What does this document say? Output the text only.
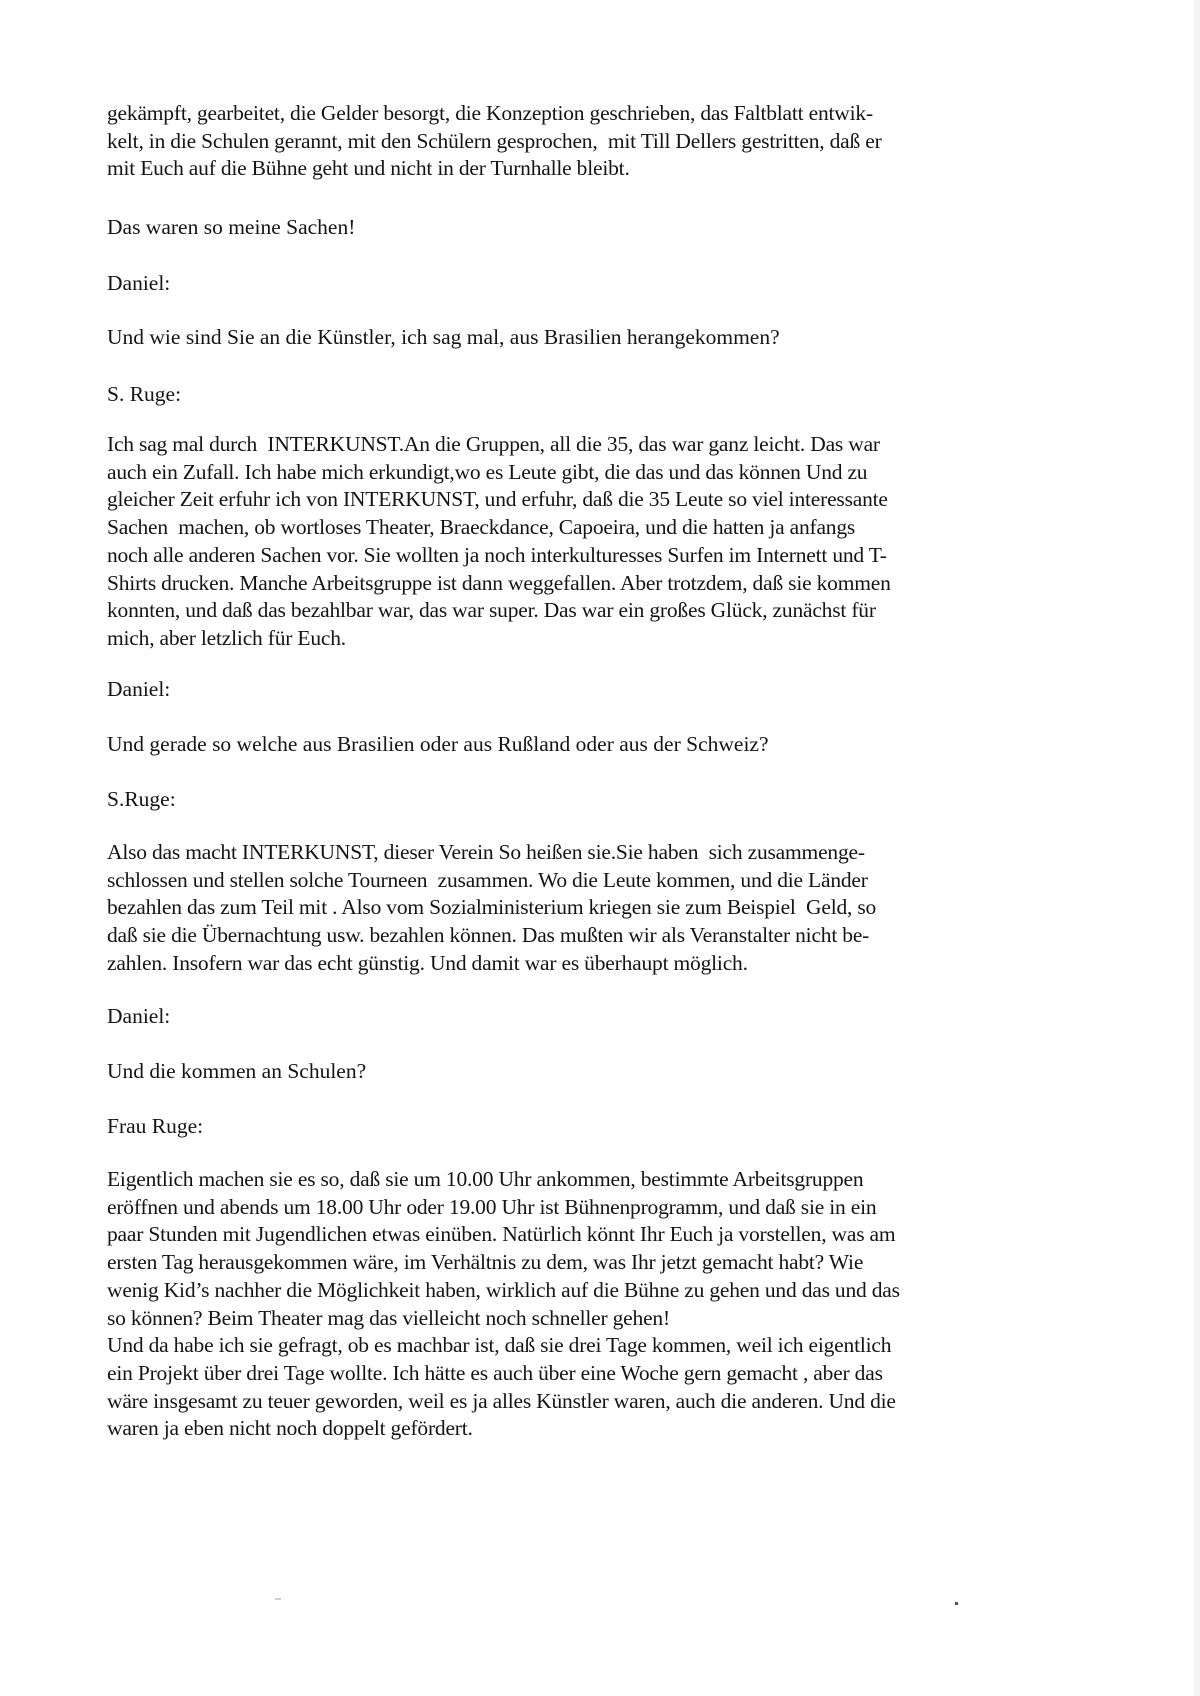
gekämpft, gearbeitet, die Gelder besorgt, die Konzeption geschrieben, das Faltblatt entwik-
kelt, in die Schulen gerannt, mit den Schülern gesprochen,  mit Till Dellers gestritten, daß er
mit Euch auf die Bühne geht und nicht in der Turnhalle bleibt.
Das waren so meine Sachen!
Daniel:
Und wie sind Sie an die Künstler, ich sag mal, aus Brasilien herangekommen?
S. Ruge:
Ich sag mal durch  INTERKUNST.An die Gruppen, all die 35, das war ganz leicht. Das war
auch ein Zufall. Ich habe mich erkundigt,wo es Leute gibt, die das und das können Und zu
gleicher Zeit erfuhr ich von INTERKUNST, und erfuhr, daß die 35 Leute so viel interessante
Sachen  machen, ob wortloses Theater, Braeckdance, Capoeira, und die hatten ja anfangs
noch alle anderen Sachen vor. Sie wollten ja noch interkulturesses Surfen im Internett und T-
Shirts drucken. Manche Arbeitsgruppe ist dann weggefallen. Aber trotzdem, daß sie kommen
konnten, und daß das bezahlbar war, das war super. Das war ein großes Glück, zunächst für
mich, aber letzlich für Euch.
Daniel:
Und gerade so welche aus Brasilien oder aus Rußland oder aus der Schweiz?
S.Ruge:
Also das macht INTERKUNST, dieser Verein So heißen sie.Sie haben  sich zusammenge-
schlossen und stellen solche Tourneen  zusammen. Wo die Leute kommen, und die Länder
bezahlen das zum Teil mit . Also vom Sozialministerium kriegen sie zum Beispiel  Geld, so
daß sie die Übernachtung usw. bezahlen können. Das mußten wir als Veranstalter nicht be-
zahlen. Insofern war das echt günstig. Und damit war es überhaupt möglich.
Daniel:
Und die kommen an Schulen?
Frau Ruge:
Eigentlich machen sie es so, daß sie um 10.00 Uhr ankommen, bestimmte Arbeitsgruppen
eröffnen und abends um 18.00 Uhr oder 19.00 Uhr ist Bühnenprogramm, und daß sie in ein
paar Stunden mit Jugendlichen etwas einüben. Natürlich könnt Ihr Euch ja vorstellen, was am
ersten Tag herausgekommen wäre, im Verhältnis zu dem, was Ihr jetzt gemacht habt? Wie
wenig Kid’s nachher die Möglichkeit haben, wirklich auf die Bühne zu gehen und das und das
so können? Beim Theater mag das vielleicht noch schneller gehen!
Und da habe ich sie gefragt, ob es machbar ist, daß sie drei Tage kommen, weil ich eigentlich
ein Projekt über drei Tage wollte. Ich hätte es auch über eine Woche gern gemacht , aber das
wäre insgesamt zu teuer geworden, weil es ja alles Künstler waren, auch die anderen. Und die
waren ja eben nicht noch doppelt gefördert.
